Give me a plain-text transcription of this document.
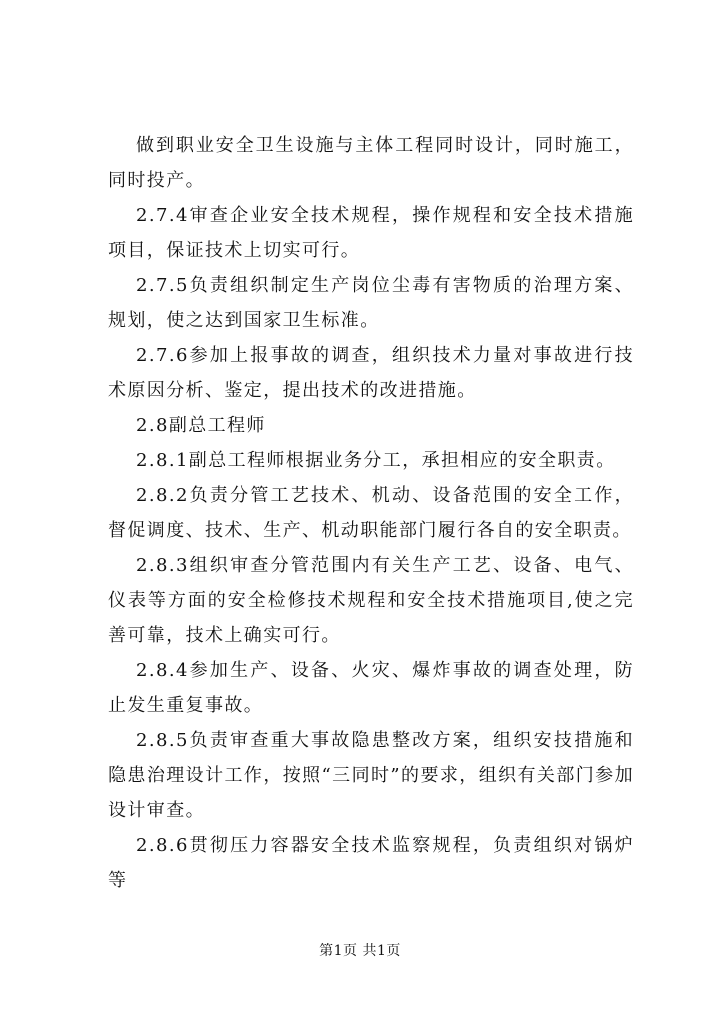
做到职业安全卫生设施与主体工程同时设计，同时施工，同时投产。

2.7.4审查企业安全技术规程，操作规程和安全技术措施项目，保证技术上切实可行。

2.7.5负责组织制定生产岗位尘毒有害物质的治理方案、规划，使之达到国家卫生标准。

2.7.6参加上报事故的调查，组织技术力量对事故进行技术原因分析、鉴定，提出技术的改进措施。

2.8副总工程师

2.8.1副总工程师根据业务分工，承担相应的安全职责。

2.8.2负责分管工艺技术、机动、设备范围的安全工作，督促调度、技术、生产、机动职能部门履行各自的安全职责。

2.8.3组织审查分管范围内有关生产工艺、设备、电气、仪表等方面的安全检修技术规程和安全技术措施项目,使之完善可靠，技术上确实可行。

2.8.4参加生产、设备、火灾、爆炸事故的调查处理，防止发生重复事故。

2.8.5负责审查重大事故隐患整改方案，组织安技措施和隐患治理设计工作，按照“三同时”的要求，组织有关部门参加设计审查。

2.8.6贯彻压力容器安全技术监察规程，负责组织对锅炉等

第1页 共1页
